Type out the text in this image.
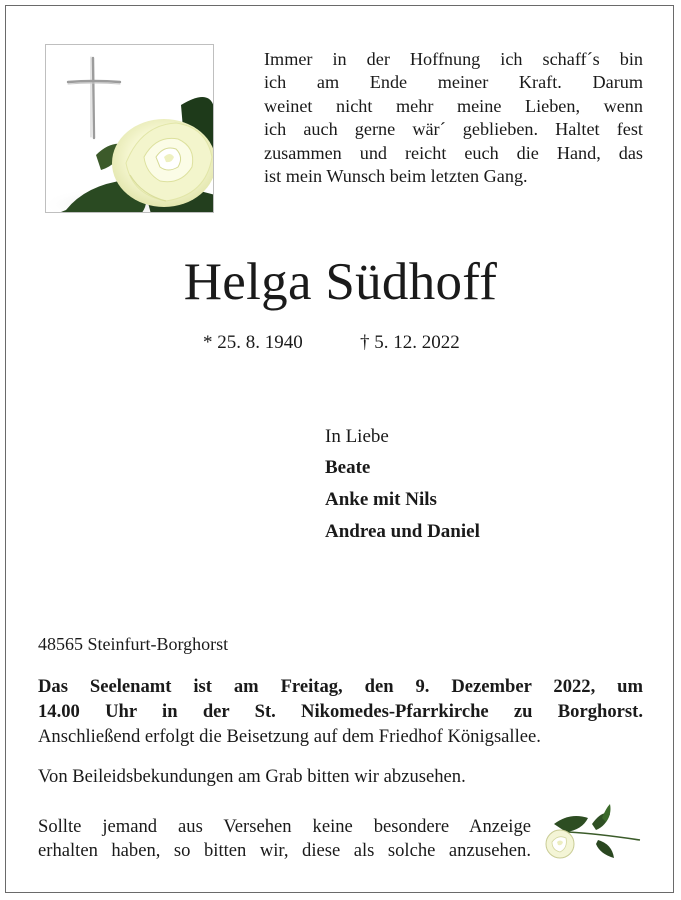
Immer in der Hoffnung ich schaff´s bin
ich am Ende meiner Kraft. Darum
weinet nicht mehr meine Lieben, wenn
ich auch gerne wär´ geblieben. Haltet fest
zusammen und reicht euch die Hand, das
ist mein Wunsch beim letzten Gang.
Helga Südhoff
* 25. 8. 1940	† 5. 12. 2022
In Liebe
Beate
Anke mit Nils
Andrea und Daniel
48565 Steinfurt-Borghorst
Das Seelenamt ist am Freitag, den 9. Dezember 2022, um
14.00 Uhr in der St. Nikomedes-Pfarrkirche zu Borghorst.
Anschließend erfolgt die Beisetzung auf dem Friedhof Königsallee.
Von Beileidsbekundungen am Grab bitten wir abzusehen.
Sollte jemand aus Versehen keine besondere Anzeige
erhalten haben, so bitten wir, diese als solche anzusehen.
